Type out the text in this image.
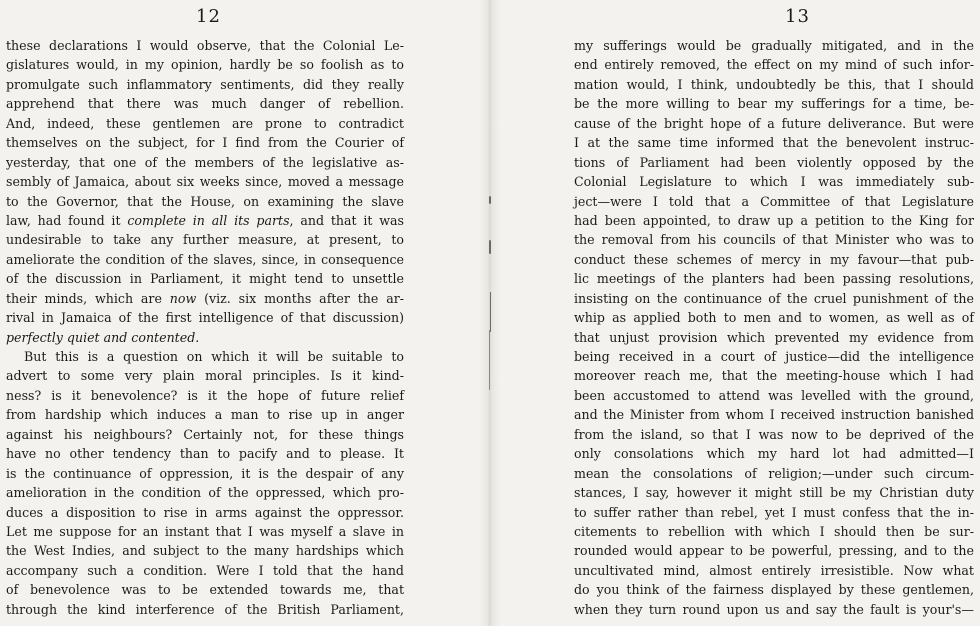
12
these declarations I would observe, that the Colonial Le-
gislatures would, in my opinion, hardly be so foolish as to
promulgate such inflammatory sentiments, did they really
apprehend that there was much danger of rebellion.
And, indeed, these gentlemen are prone to contradict
themselves on the subject, for I find from the Courier of
yesterday, that one of the members of the legislative as-
sembly of Jamaica, about six weeks since, moved a message
to the Governor, that the House, on examining the slave
law, had found it complete in all its parts, and that it was
undesirable to take any further measure, at present, to
ameliorate the condition of the slaves, since, in consequence
of the discussion in Parliament, it might tend to unsettle
their minds, which are now (viz. six months after the ar-
rival in Jamaica of the first intelligence of that discussion)
perfectly quiet and contented.
But this is a question on which it will be suitable to
advert to some very plain moral principles. Is it kind-
ness? is it benevolence? is it the hope of future relief
from hardship which induces a man to rise up in anger
against his neighbours? Certainly not, for these things
have no other tendency than to pacify and to please. It
is the continuance of oppression, it is the despair of any
amelioration in the condition of the oppressed, which pro-
duces a disposition to rise in arms against the oppressor.
Let me suppose for an instant that I was myself a slave in
the West Indies, and subject to the many hardships which
accompany such a condition. Were I told that the hand
of benevolence was to be extended towards me, that
through the kind interference of the British Parliament,
13
my sufferings would be gradually mitigated, and in the
end entirely removed, the effect on my mind of such infor-
mation would, I think, undoubtedly be this, that I should
be the more willing to bear my sufferings for a time, be-
cause of the bright hope of a future deliverance. But were
I at the same time informed that the benevolent instruc-
tions of Parliament had been violently opposed by the
Colonial Legislature to which I was immediately sub-
ject—were I told that a Committee of that Legislature
had been appointed, to draw up a petition to the King for
the removal from his councils of that Minister who was to
conduct these schemes of mercy in my favour—that pub-
lic meetings of the planters had been passing resolutions,
insisting on the continuance of the cruel punishment of the
whip as applied both to men and to women, as well as of
that unjust provision which prevented my evidence from
being received in a court of justice—did the intelligence
moreover reach me, that the meeting-house which I had
been accustomed to attend was levelled with the ground,
and the Minister from whom I received instruction banished
from the island, so that I was now to be deprived of the
only consolations which my hard lot had admitted—I
mean the consolations of religion;—under such circum-
stances, I say, however it might still be my Christian duty
to suffer rather than rebel, yet I must confess that the in-
citements to rebellion with which I should then be sur-
rounded would appear to be powerful, pressing, and to the
uncultivated mind, almost entirely irresistible. Now what
do you think of the fairness displayed by these gentlemen,
when they turn round upon us and say the fault is your's—
